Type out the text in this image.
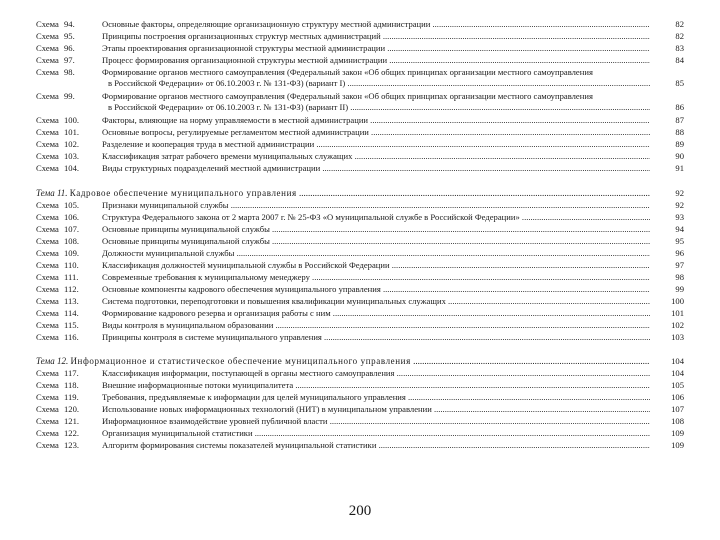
Схема 94.	Основные факторы, определяющие организационную структуру местной администрации .....	82
Схема 95.	Принципы построения организационных структур местных администраций .....	82
Схема 96.	Этапы проектирования организационной структуры местной администрации .....	83
Схема 97.	Процесс формирования организационной структуры местной администрации .....	84
Схема 98.	Формирование органов местного самоуправления (Федеральный закон «Об общих принципах организации местного самоуправления
в Российской Федерации» от 06.10.2003 г. № 131-ФЗ) (вариант I) .....	85
Схема 99.	Формирование органов местного самоуправления (Федеральный закон «Об общих принципах организации местного самоуправления
в Российской Федерации» от 06.10.2003 г. № 131-ФЗ) (вариант II) .....	86
Схема 100.	Факторы, влияющие на норму управляемости в местной администрации .....	87
Схема 101.	Основные вопросы, регулируемые регламентом местной администрации .....	88
Схема 102.	Разделение и кооперация труда в местной администрации .....	89
Схема 103.	Классификация затрат рабочего времени муниципальных служащих .....	90
Схема 104.	Виды структурных подразделений местной администрации .....	91
Тема 11. Кадровое обеспечение муниципального управления .....	92
Схема 105.	Признаки муниципальной службы .....	92
Схема 106.	Структура Федерального закона от 2 марта 2007 г. № 25-ФЗ «О муниципальной службе в Российской Федерации» .....	93
Схема 107.	Основные принципы муниципальной службы .....	94
Схема 108.	Основные принципы муниципальной службы .....	95
Схема 109.	Должности муниципальной службы .....	96
Схема 110.	Классификация должностей муниципальной службы в Российской Федерации .....	97
Схема 111.	Современные требования к муниципальному менеджеру .....	98
Схема 112.	Основные компоненты кадрового обеспечения муниципального управления .....	99
Схема 113.	Система подготовки, переподготовки и повышения квалификации муниципальных служащих .....	100
Схема 114.	Формирование кадрового резерва и организация работы с ним .....	101
Схема 115.	Виды контроля в муниципальном образовании .....	102
Схема 116.	Принципы контроля в системе муниципального управления .....	103
Тема 12. Информационное и статистическое обеспечение муниципального управления .....	104
Схема 117.	Классификация информации, поступающей в органы местного самоуправления .....	104
Схема 118.	Внешние информационные потоки муниципалитета .....	105
Схема 119.	Требования, предъявляемые к информации для целей муниципального управления .....	106
Схема 120.	Использование новых информационных технологий (НИТ) в муниципальном управлении .....	107
Схема 121.	Информационное взаимодействие уровней публичной власти .....	108
Схема 122.	Организация муниципальной статистики .....	109
Схема 123.	Алгоритм формирования системы показателей муниципальной статистики .....	109
200
